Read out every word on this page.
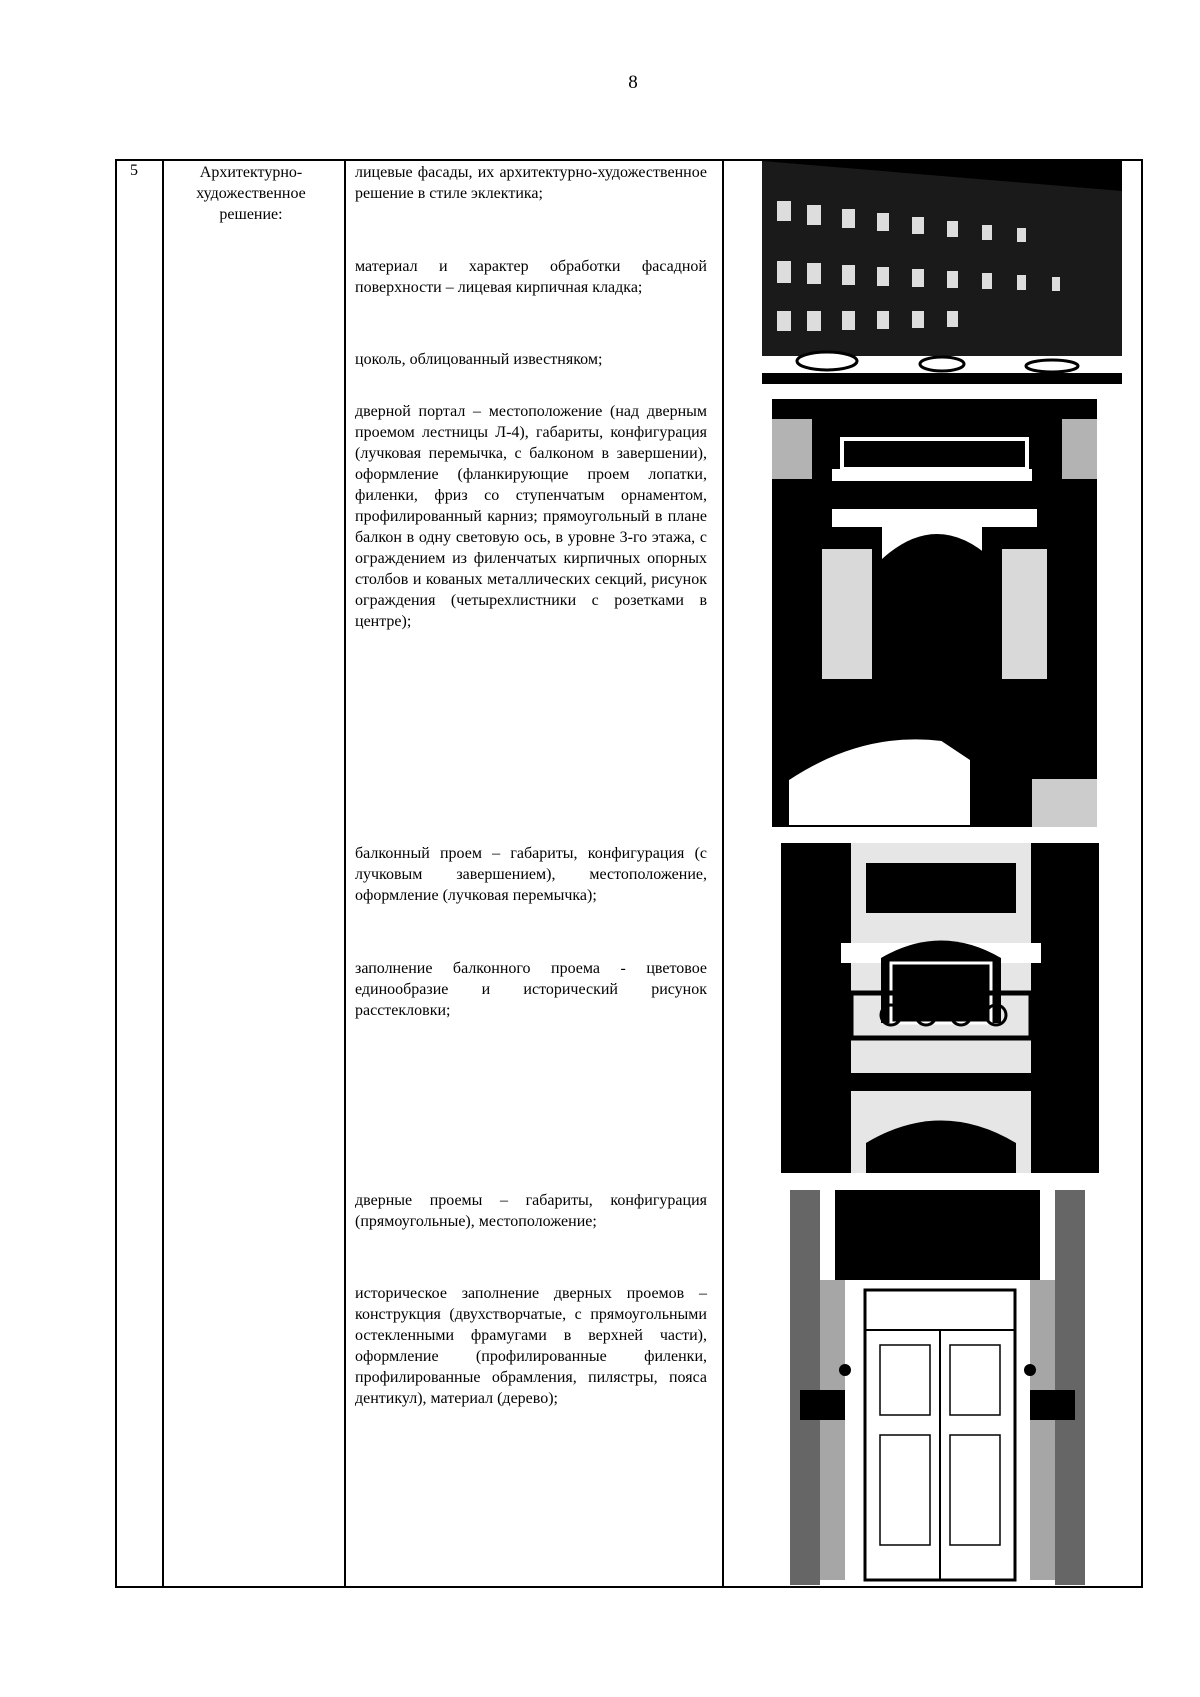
8
5	Архитектурно-художественное решение:
лицевые фасады, их архитектурно-художественное решение в стиле эклектика;
материал и характер обработки фасадной поверхности – лицевая кирпичная кладка;
цоколь, облицованный известняком;
дверной портал – местоположение (над дверным проемом лестницы Л-4), габариты, конфигурация (лучковая перемычка, с балконом в завершении), оформление (фланкирующие проем лопатки, филенки, фриз со ступенчатым орнаментом, профилированный карниз; прямоугольный в плане балкон в одну световую ось, в уровне 3-го этажа, с ограждением из филенчатых кирпичных опорных столбов и кованых металлических секций, рисунок ограждения (четырехлистники с розетками в центре);
балконный проем – габариты, конфигурация (с лучковым завершением), местоположение, оформление (лучковая перемычка);
заполнение балконного проема - цветовое единообразие и исторический рисунок расстекловки;
дверные проемы – габариты, конфигурация (прямоугольные), местоположение;
историческое заполнение дверных проемов – конструкция (двухстворчатые, с прямоугольными остекленными фрамугами в верхней части), оформление (профилированные филенки, профилированные обрамления, пилястры, пояса дентикул), материал (дерево);
